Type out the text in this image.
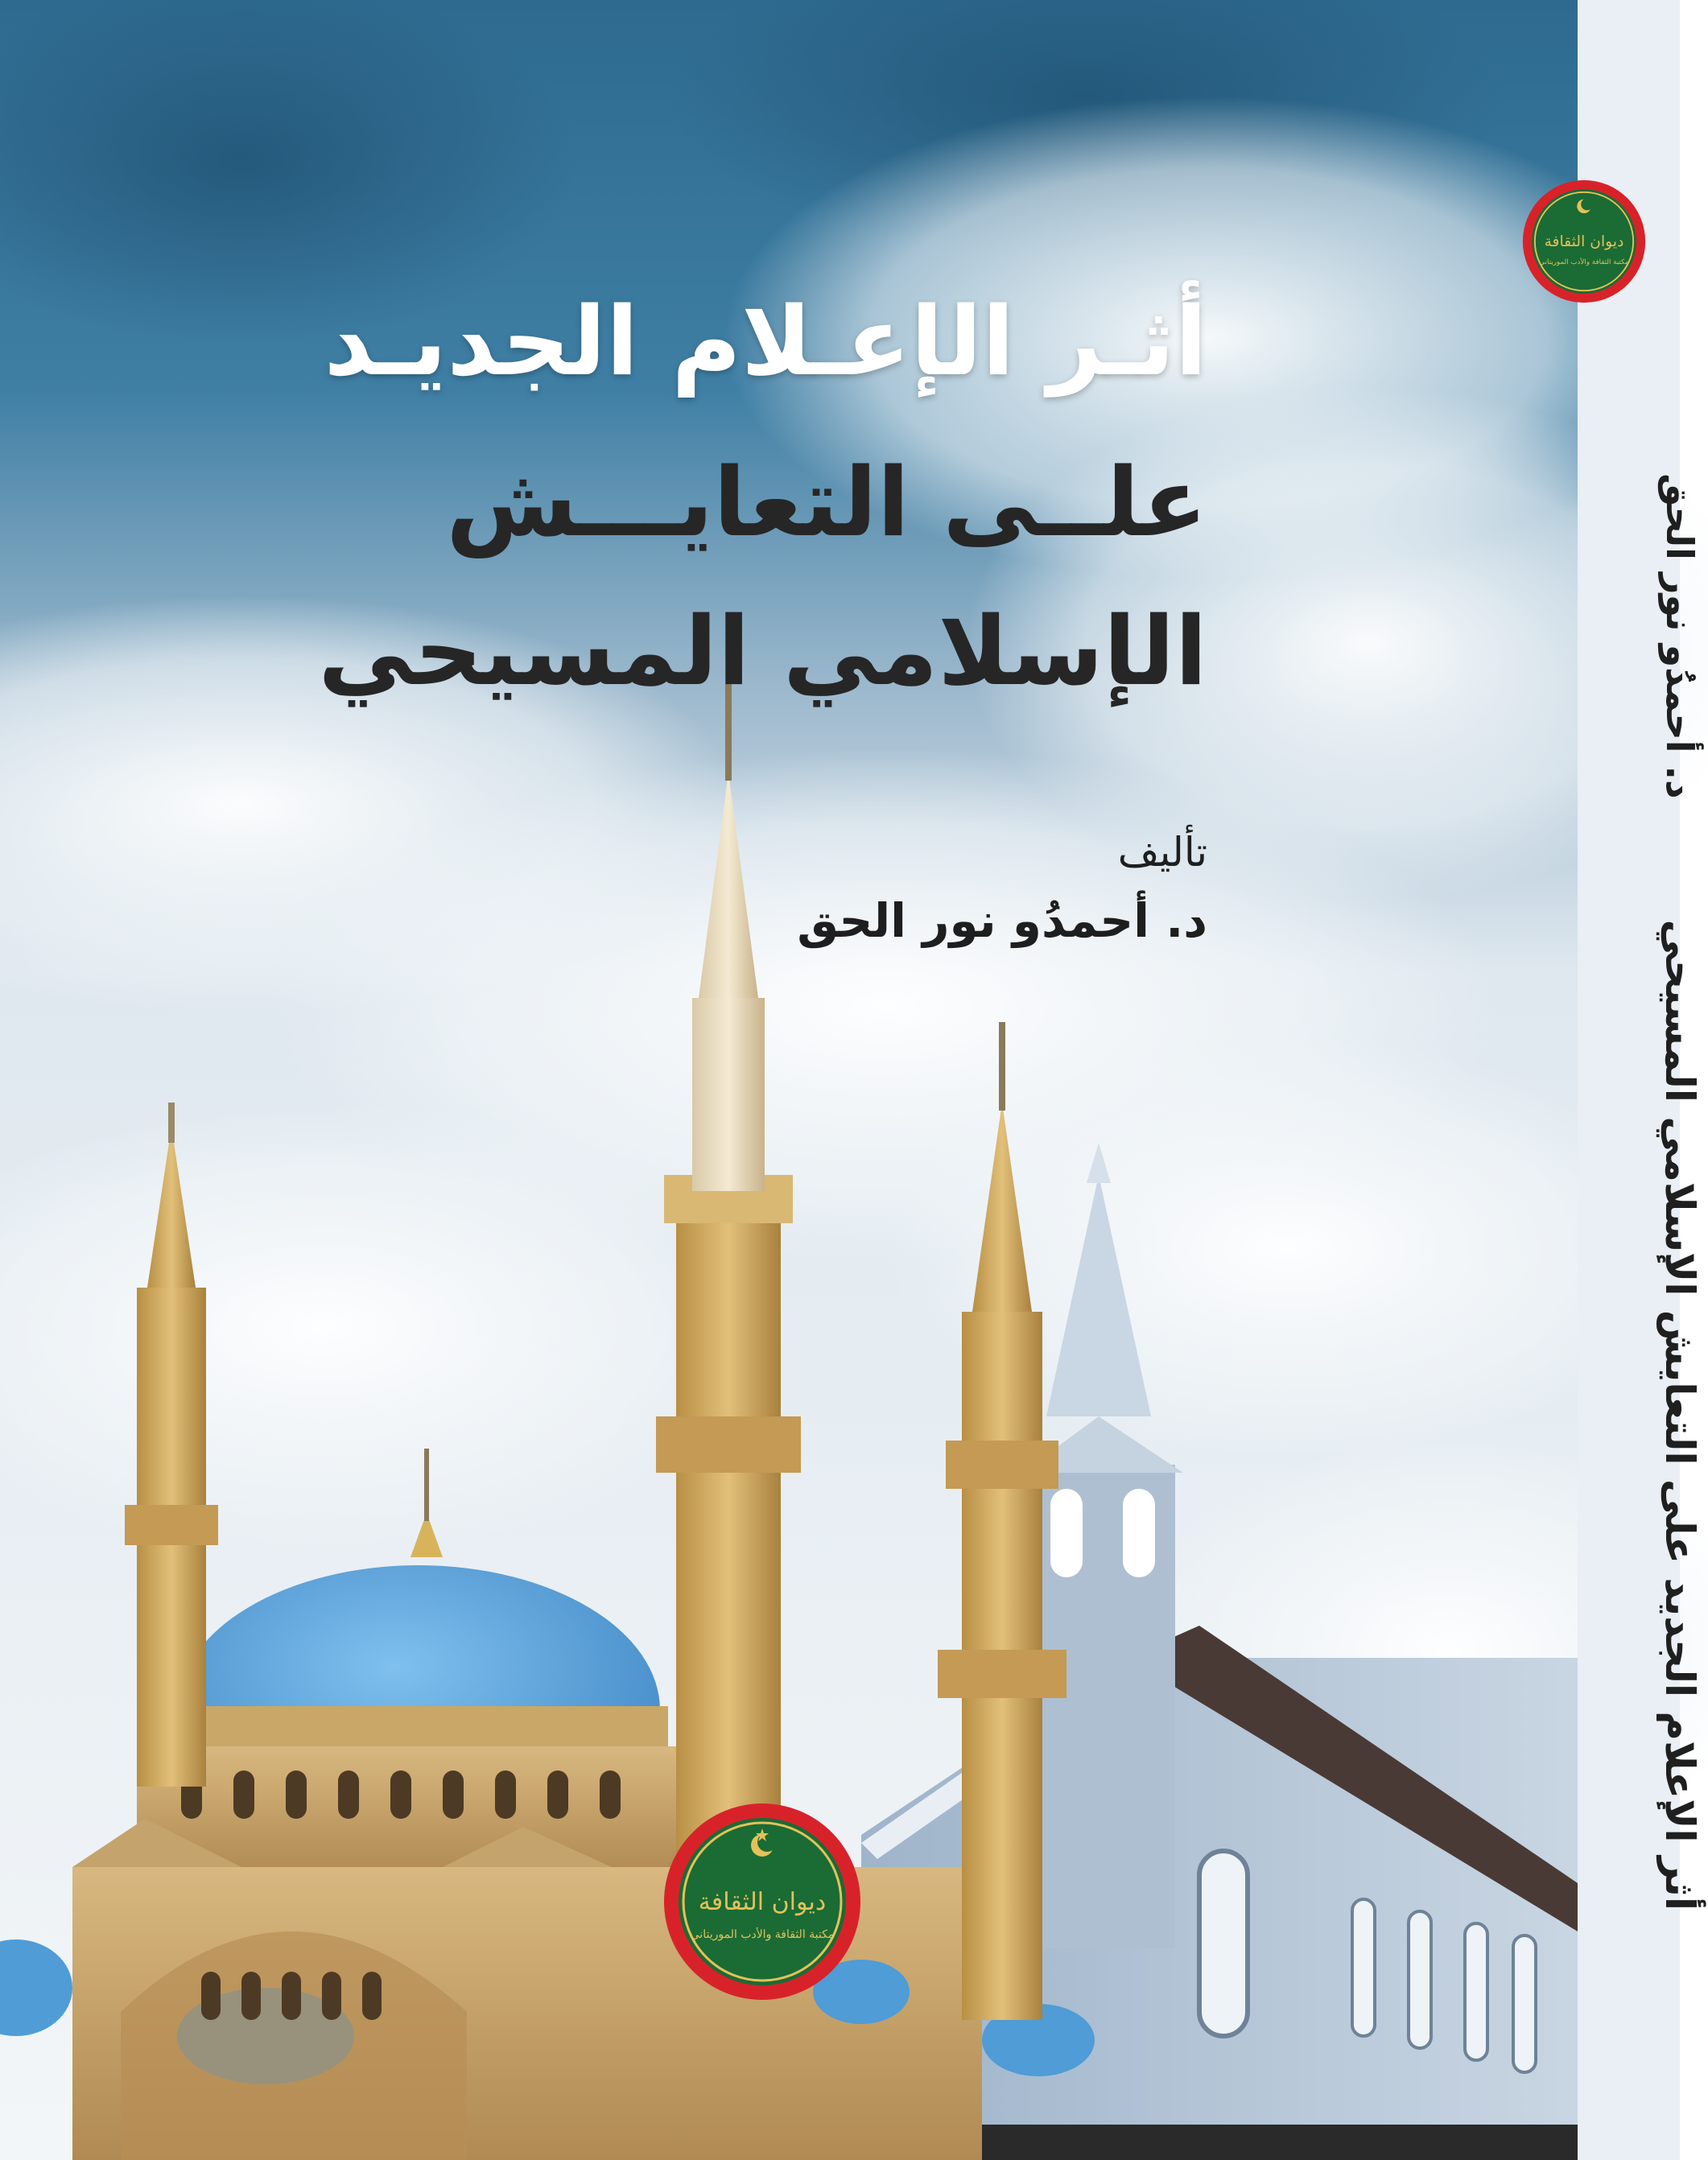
أثـر الإعـلام الجديـد
علــى التعايـــش
الإسلامي المسيحي
تأليف
د. أحمدُو نور الحق
ديوان الثقافة
مكتبة الثقافة والأدب الموريتاني
ديوان الثقافة
مكتبة الثقافة والأدب الموريتاني
أثر الإعلام الجديد على التعايش الإسلامي المسيحي
د. أحمدُو نور الحق
